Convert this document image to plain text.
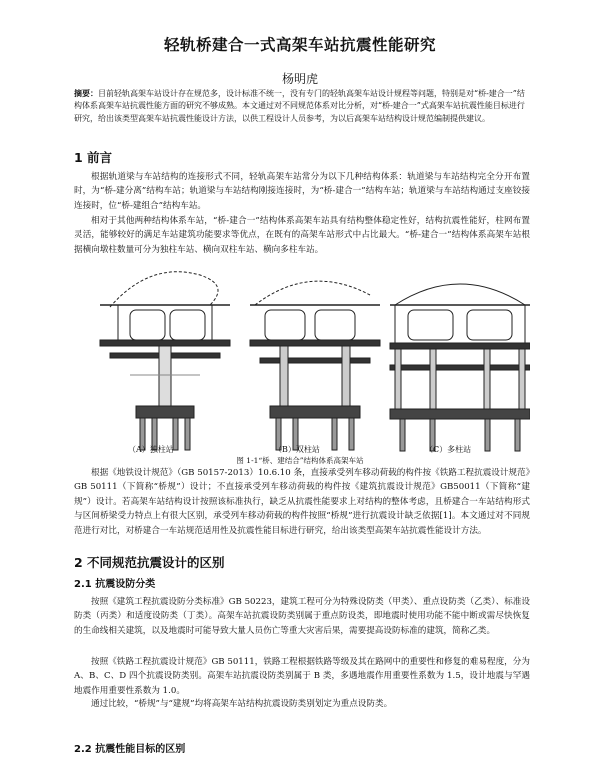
轻轨桥建合一式高架车站抗震性能研究
杨明虎
摘要：目前轻轨高架车站设计存在规范多，设计标准不统一，没有专门的轻轨高架车站设计规程等问题，特别是对“桥-建合一”结构体系高架车站抗震性能方面的研究不够成熟。本文通过对不同规范体系对比分析，对“桥-建合一”式高架车站抗震性能目标进行研究，给出该类型高架车站抗震性能设计方法，以供工程设计人员参考，为以后高架车站结构设计规范编制提供建议。
1 前言
根据轨道梁与车站结构的连接形式不同，轻轨高架车站常分为以下几种结构体系：轨道梁与车站结构完全分开布置时，为“桥-建分离”结构车站；轨道梁与车站结构刚接连接时，为“桥-建合一”结构车站；轨道梁与车站结构通过支座铰接连接时，位“桥-建组合”结构车站。
相对于其他两种结构体系车站，“桥-建合一”结构体系高架车站具有结构整体稳定性好，结构抗震性能好，柱网布置灵活，能够较好的满足车站建筑功能要求等优点，在既有的高架车站形式中占比最大。“桥-建合一”结构体系高架车站根据横向墩柱数量可分为独柱车站、横向双柱车站、横向多柱车站。
（A）独柱站	（B）双柱站	（C）多柱站
图 1-1“桥、建结合”结构体系高架车站
根据《地铁设计规范》（GB 50157-2013）10.6.10 条，直接承受列车移动荷载的构件按《铁路工程抗震设计规范》GB 50111（下简称“桥规”）设计；不直接承受列车移动荷载的构件按《建筑抗震设计规范》GB50011（下简称“建规”）设计。若高架车站结构设计按照该标准执行，缺乏从抗震性能要求上对结构的整体考虑，且桥建合一车站结构形式与区间桥梁受力特点上有很大区别，承受列车移动荷载的构件按照“桥规”进行抗震设计缺乏依据[1]。本文通过对不同规范进行对比，对桥建合一车站规范适用性及抗震性能目标进行研究，给出该类型高架车站抗震性能设计方法。
2 不同规范抗震设计的区别
2.1 抗震设防分类
按照《建筑工程抗震设防分类标准》GB 50223，建筑工程可分为特殊设防类（甲类）、重点设防类（乙类）、标准设防类（丙类）和适度设防类（丁类）。高架车站抗震设防类别属于重点防设类，即地震时使用功能不能中断或需尽快恢复的生命线相关建筑，以及地震时可能导致大量人员伤亡等重大灾害后果，需要提高设防标准的建筑，简称乙类。
按照《铁路工程抗震设计规范》GB 50111，铁路工程根据铁路等级及其在路网中的重要性和修复的难易程度，分为 A、B、C、D 四个抗震设防类别。高架车站抗震设防类别属于 B 类，多遇地震作用重要性系数为 1.5，设计地震与罕遇地震作用重要性系数为 1.0。
通过比较，“桥规”与“建规”均将高架车站结构抗震设防类别划定为重点设防类。
2.2 抗震性能目标的区别
